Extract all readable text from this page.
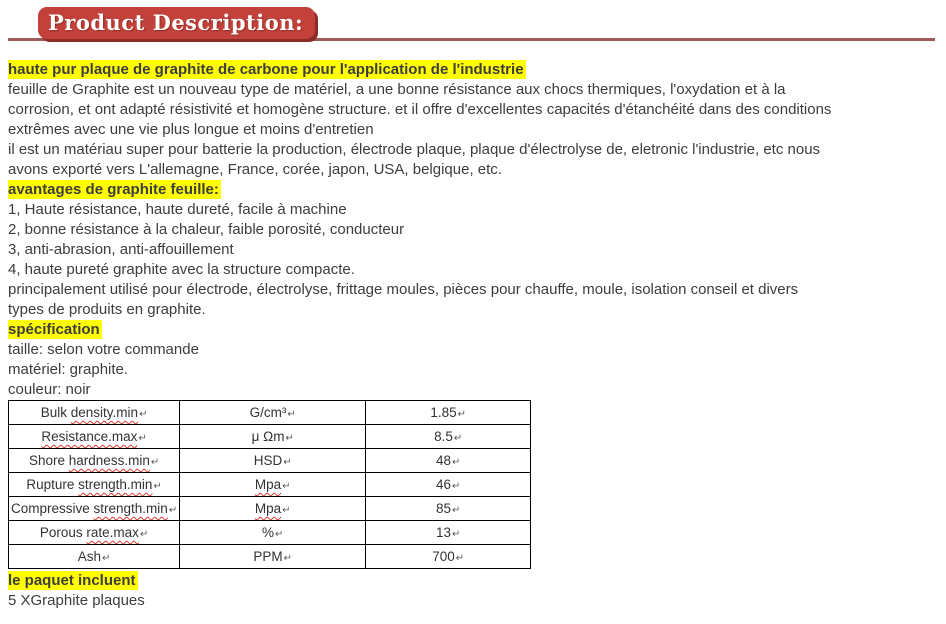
Product Description:
haute pur plaque de graphite de carbone pour l'application de l'industrie
feuille de Graphite est un nouveau type de matériel, a une bonne résistance aux chocs thermiques, l'oxydation et à la
corrosion, et ont adapté résistivité et homogène structure. et il offre d'excellentes capacités d'étanchéité dans des conditions
extrêmes avec une vie plus longue et moins d'entretien
il est un matériau super pour batterie la production, électrode plaque, plaque d'électrolyse de, eletronic l'industrie, etc nous
avons exporté vers L'allemagne, France, corée, japon, USA, belgique, etc.
avantages de graphite feuille:
1, Haute résistance, haute dureté, facile à machine
2, bonne résistance à la chaleur, faible porosité, conducteur
3, anti-abrasion, anti-affouillement
4, haute pureté graphite avec la structure compacte.
principalement utilisé pour électrode, électrolyse, frittage moules, pièces pour chauffe, moule, isolation conseil et divers
types de produits en graphite.
spécification
taille: selon votre commande
matériel: graphite.
couleur: noir
Bulk density.min↵	G/cm³↵	1.85↵
Resistance.max↵	μ Ωm↵	8.5↵
Shore hardness.min↵	HSD↵	48↵
Rupture strength.min↵	Mpa↵	46↵
Compressive strength.min↵	Mpa↵	85↵
Porous rate.max↵	%↵	13↵
Ash↵	PPM↵	700↵
le paquet incluent
5 XGraphite plaques
